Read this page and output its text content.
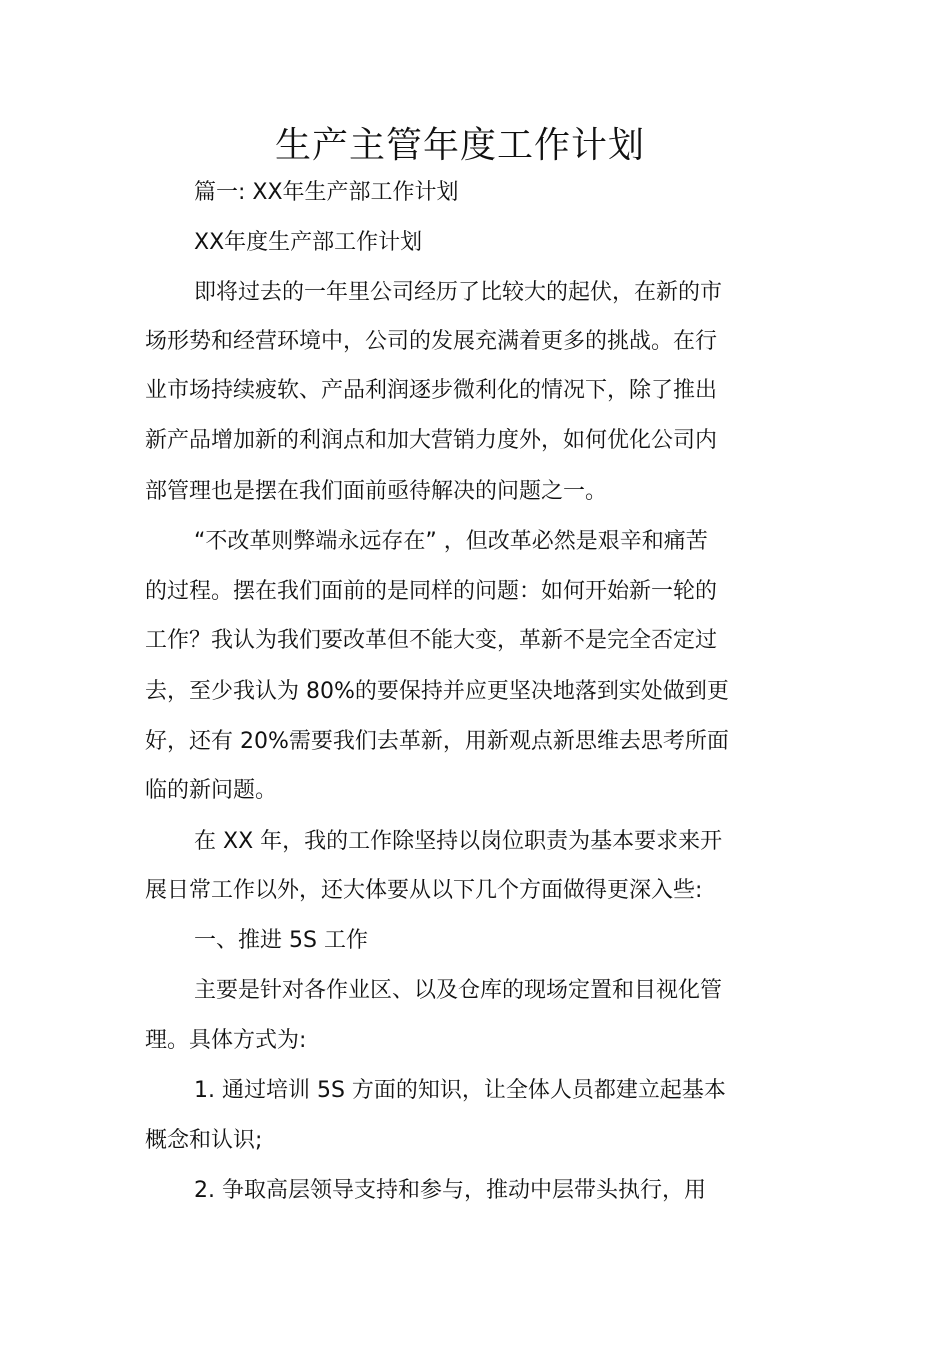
生产主管年度工作计划
篇一: XX年生产部工作计划
XX年度生产部工作计划
即将过去的一年里公司经历了比较大的起伏，在新的市
场形势和经营环境中，公司的发展充满着更多的挑战。在行
业市场持续疲软、产品利润逐步微利化的情况下，除了推出
新产品增加新的利润点和加大营销力度外，如何优化公司内
部管理也是摆在我们面前亟待解决的问题之一。
“不改革则弊端永远存在” ，但改革必然是艰辛和痛苦
的过程。摆在我们面前的是同样的问题：如何开始新一轮的
工作？我认为我们要改革但不能大变，革新不是完全否定过
去，至少我认为 80%的要保持并应更坚决地落到实处做到更
好，还有 20%需要我们去革新，用新观点新思维去思考所面
临的新问题。
在 XX 年，我的工作除坚持以岗位职责为基本要求来开
展日常工作以外，还大体要从以下几个方面做得更深入些:
一、推进 5S 工作
主要是针对各作业区、以及仓库的现场定置和目视化管
理。具体方式为:
1. 通过培训 5S 方面的知识，让全体人员都建立起基本
概念和认识;
2. 争取高层领导支持和参与，推动中层带头执行，用
